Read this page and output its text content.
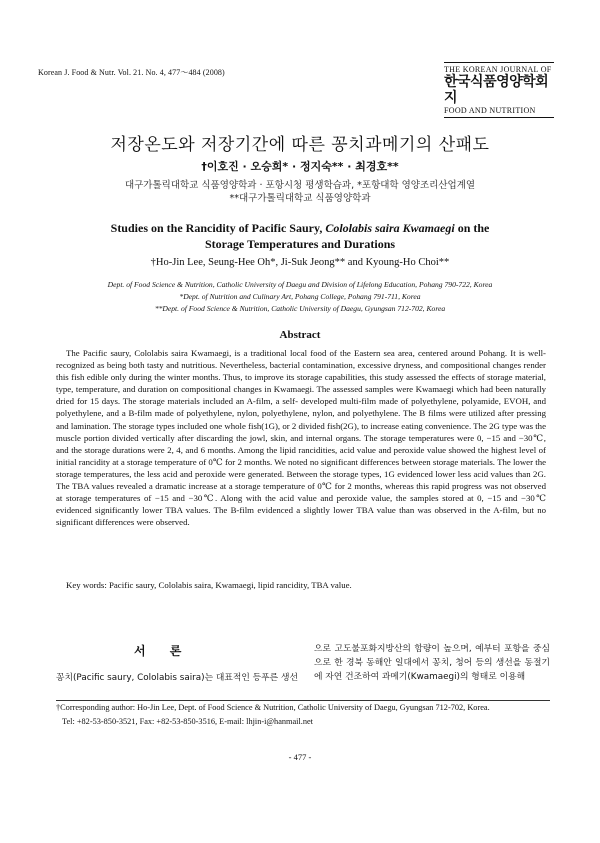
Korean J. Food & Nutr. Vol. 21. No. 4, 477～484 (2008)	THE KOREAN JOURNAL OF
한국식품영양학회지
FOOD AND NUTRITION
저장온도와 저장기간에 따른 꽁치과메기의 산패도
†이호진 · 오승희* · 정지숙** · 최경호**
대구가톨릭대학교 식품영양학과 · 포항시청 평생학습과, *포항대학 영양조리산업계열
**대구가톨릭대학교 식품영양학과
Studies on the Rancidity of Pacific Saury, Cololabis saira Kwamaegi on the
Storage Temperatures and Durations
†Ho-Jin Lee, Seung-Hee Oh*, Ji-Suk Jeong** and Kyoung-Ho Choi**
Dept. of Food Science & Nutrition, Catholic University of Daegu and Division of Lifelong Education, Pohang 790-722, Korea
*Dept. of Nutrition and Culinary Art, Pohang College, Pohang 791-711, Korea
**Dept. of Food Science & Nutrition, Catholic University of Daegu, Gyungsan 712-702, Korea
Abstract
The Pacific saury, Cololabis saira Kwamaegi, is a traditional local food of the Eastern sea area, centered around Pohang. It is well-recognized as being both tasty and nutritious. Nevertheless, bacterial contamination, excessive dryness, and compositional changes render this fish edible only during the winter months. Thus, to improve its storage capabilities, this study assessed the effects of storage material, type, temperature, and duration on compositional changes in Kwamaegi. The assessed samples were Kwamaegi which had been naturally dried for 15 days. The storage materials included an A-film, a self- developed multi-film made of polyethylene, polyamide, EVOH, and polyethylene, and a B-film made of polyethylene, nylon, polyethylene, nylon, and polyethylene. The B films were utilized after pressing and lamination. The storage types included one whole fish(1G), or 2 divided fish(2G), to increase eating convenience. The 2G type was the muscle portion divided vertically after discarding the jowl, skin, and internal organs. The storage temperatures were 0, −15 and −30℃, and the storage durations were 2, 4, and 6 months. Among the lipid rancidities, acid value and peroxide value showed the highest level of initial rancidity at a storage temperature of 0℃ for 2 months. We noted no significant differences between storage materials. The lower the storage temperatures, the less acid and peroxide were generated. Between the storage types, 1G evidenced lower less acid values than 2G. The TBA values revealed a dramatic increase at a storage temperature of 0℃ for 2 months, whereas this rapid progress was not observed at storage temperatures of −15 and −30℃. Along with the acid value and peroxide value, the samples stored at 0, −15 and −30℃ evidenced significantly lower TBA values. The B-film evidenced a slightly lower TBA value than was observed in the A-film, but no significant differences were observed.
Key words: Pacific saury, Cololabis saira, Kwamaegi, lipid rancidity, TBA value.
서 론
꽁치(Pacific saury, Cololabis saira)는 대표적인 등푸른 생선
으로 고도불포화지방산의 함량이 높으며, 예부터 포항을 중심으로 한 경북 동해안 일대에서 꽁치, 청어 등의 생선을 동절기에 자연 건조하여 과메기(Kwamaegi)의 형태로 이용해
†Corresponding author: Ho-Jin Lee, Dept. of Food Science & Nutrition, Catholic University of Daegu, Gyungsan 712-702, Korea.
Tel: +82-53-850-3521, Fax: +82-53-850-3516, E-mail: lhjin-i@hanmail.net
- 477 -
